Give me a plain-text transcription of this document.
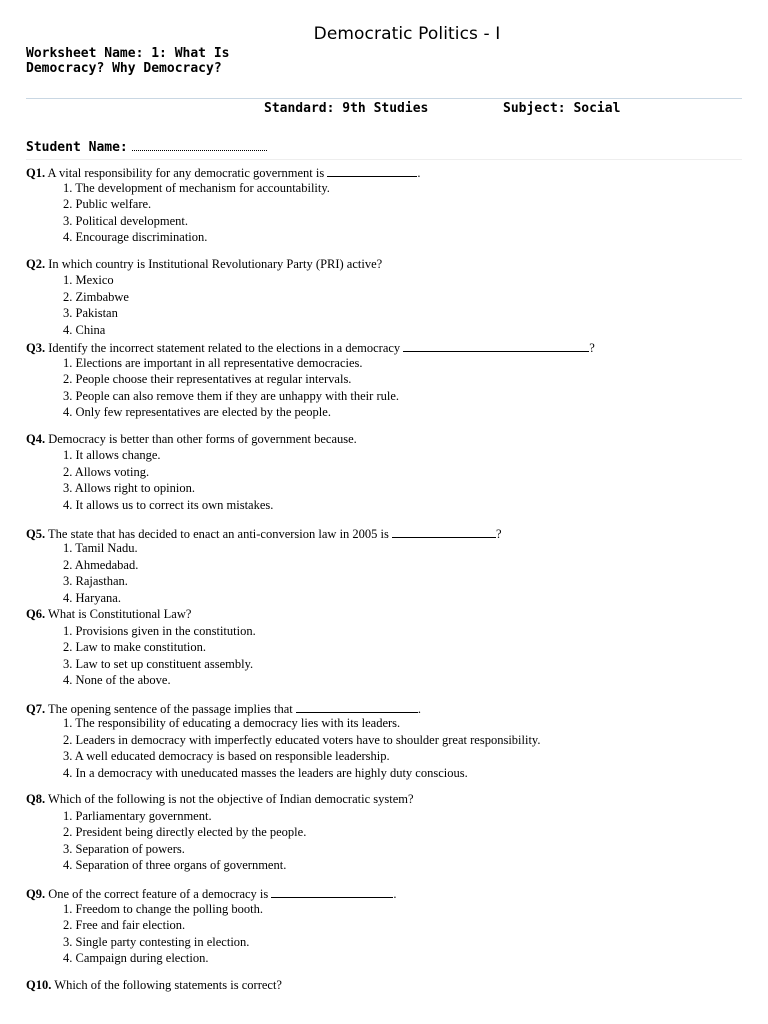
Democratic Politics - I
Worksheet Name: 1: What Is Democracy? Why Democracy?
Standard: 9th Studies	Subject: Social
Student Name:
Q1. A vital responsibility for any democratic government is	.
1. The development of mechanism for accountability.
2. Public welfare.
3. Political development.
4. Encourage discrimination.
Q2. In which country is Institutional Revolutionary Party (PRI) active?
1. Mexico
2. Zimbabwe
3. Pakistan
4. China
Q3. Identify the incorrect statement related to the elections in a democracy	?
1. Elections are important in all representative democracies.
2. People choose their representatives at regular intervals.
3. People can also remove them if they are unhappy with their rule.
4. Only few representatives are elected by the people.
Q4. Democracy is better than other forms of government because.
1. It allows change.
2. Allows voting.
3. Allows right to opinion.
4. It allows us to correct its own mistakes.
Q5. The state that has decided to enact an anti-conversion law in 2005 is	?
1. Tamil Nadu.
2. Ahmedabad.
3. Rajasthan.
4. Haryana.
Q6. What is Constitutional Law?
1. Provisions given in the constitution.
2. Law to make constitution.
3. Law to set up constituent assembly.
4. None of the above.
Q7. The opening sentence of the passage implies that	.
1. The responsibility of educating a democracy lies with its leaders.
2. Leaders in democracy with imperfectly educated voters have to shoulder great responsibility.
3. A well educated democracy is based on responsible leadership.
4. In a democracy with uneducated masses the leaders are highly duty conscious.
Q8. Which of the following is not the objective of Indian democratic system?
1. Parliamentary government.
2. President being directly elected by the people.
3. Separation of powers.
4. Separation of three organs of government.
Q9. One of the correct feature of a democracy is	.
1. Freedom to change the polling booth.
2. Free and fair election.
3. Single party contesting in election.
4. Campaign during election.
Q10. Which of the following statements is correct?
